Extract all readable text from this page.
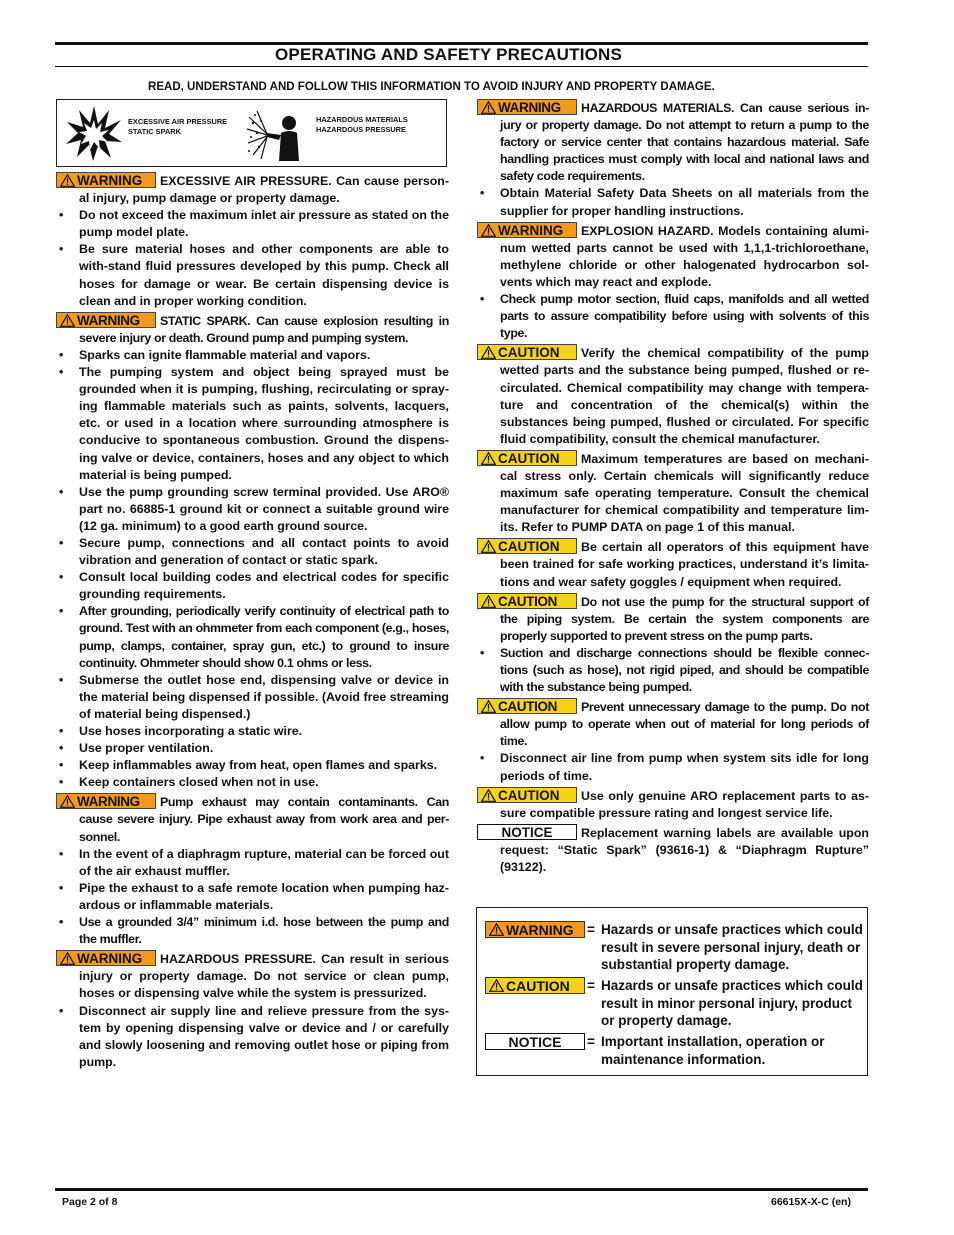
OPERATING AND SAFETY PRECAUTIONS
READ, UNDERSTAND AND FOLLOW THIS INFORMATION TO AVOID INJURY AND PROPERTY DAMAGE.
EXCESSIVE AIR PRESSURE
STATIC SPARK
HAZARDOUS MATERIALS
HAZARDOUS PRESSURE
WARNING EXCESSIVE AIR PRESSURE. Can cause person-al injury, pump damage or property damage.
• Do not exceed the maximum inlet air pressure as stated on the pump model plate.
• Be sure material hoses and other components are able to with-stand fluid pressures developed by this pump. Check all hoses for damage or wear. Be certain dispensing device is clean and in proper working condition.
WARNING STATIC SPARK. Can cause explosion resulting in severe injury or death. Ground pump and pumping system.
• Sparks can ignite flammable material and vapors.
• The pumping system and object being sprayed must be grounded when it is pumping, flushing, recirculating or spray-ing flammable materials such as paints, solvents, lacquers, etc. or used in a location where surrounding atmosphere is conducive to spontaneous combustion. Ground the dispens-ing valve or device, containers, hoses and any object to which material is being pumped.
• Use the pump grounding screw terminal provided. Use ARO® part no. 66885-1 ground kit or connect a suitable ground wire (12 ga. minimum) to a good earth ground source.
• Secure pump, connections and all contact points to avoid vibration and generation of contact or static spark.
• Consult local building codes and electrical codes for specific grounding requirements.
• After grounding, periodically verify continuity of electrical path to ground. Test with an ohmmeter from each component (e.g., hoses, pump, clamps, container, spray gun, etc.) to ground to insure continuity. Ohmmeter should show 0.1 ohms or less.
• Submerse the outlet hose end, dispensing valve or device in the material being dispensed if possible. (Avoid free streaming of material being dispensed.)
• Use hoses incorporating a static wire.
• Use proper ventilation.
• Keep inflammables away from heat, open flames and sparks.
• Keep containers closed when not in use.
WARNING Pump exhaust may contain contaminants. Can cause severe injury. Pipe exhaust away from work area and per-sonnel.
• In the event of a diaphragm rupture, material can be forced out of the air exhaust muffler.
• Pipe the exhaust to a safe remote location when pumping haz-ardous or inflammable materials.
• Use a grounded 3/4” minimum i.d. hose between the pump and the muffler.
WARNING HAZARDOUS PRESSURE. Can result in serious injury or property damage. Do not service or clean pump, hoses or dispensing valve while the system is pressurized.
• Disconnect air supply line and relieve pressure from the sys-tem by opening dispensing valve or device and / or carefully and slowly loosening and removing outlet hose or piping from pump.
WARNING HAZARDOUS MATERIALS. Can cause serious in-jury or property damage. Do not attempt to return a pump to the factory or service center that contains hazardous material. Safe handling practices must comply with local and national laws and safety code requirements.
• Obtain Material Safety Data Sheets on all materials from the supplier for proper handling instructions.
WARNING EXPLOSION HAZARD. Models containing alumi-num wetted parts cannot be used with 1,1,1-trichloroethane, methylene chloride or other halogenated hydrocarbon sol-vents which may react and explode.
• Check pump motor section, fluid caps, manifolds and all wetted parts to assure compatibility before using with solvents of this type.
CAUTION Verify the chemical compatibility of the pump wetted parts and the substance being pumped, flushed or re-circulated. Chemical compatibility may change with tempera-ture and concentration of the chemical(s) within the substances being pumped, flushed or circulated. For specific fluid compatibility, consult the chemical manufacturer.
CAUTION Maximum temperatures are based on mechani-cal stress only. Certain chemicals will significantly reduce maximum safe operating temperature. Consult the chemical manufacturer for chemical compatibility and temperature lim-its. Refer to PUMP DATA on page 1 of this manual.
CAUTION Be certain all operators of this equipment have been trained for safe working practices, understand it’s limita-tions and wear safety goggles / equipment when required.
CAUTION Do not use the pump for the structural support of the piping system. Be certain the system components are properly supported to prevent stress on the pump parts.
• Suction and discharge connections should be flexible connec-tions (such as hose), not rigid piped, and should be compatible with the substance being pumped.
CAUTION Prevent unnecessary damage to the pump. Do not allow pump to operate when out of material for long periods of time.
• Disconnect air line from pump when system sits idle for long periods of time.
CAUTION Use only genuine ARO replacement parts to as-sure compatible pressure rating and longest service life.
NOTICE Replacement warning labels are available upon request: “Static Spark” (93616-1) & “Diaphragm Rupture” (93122).
WARNING = Hazards or unsafe practices which could result in severe personal injury, death or substantial property damage.
CAUTION	= Hazards or unsafe practices which could result in minor personal injury, product or property damage.
NOTICE	= Important installation, operation or maintenance information.
Page 2 of 8	66615X-X-C (en)
